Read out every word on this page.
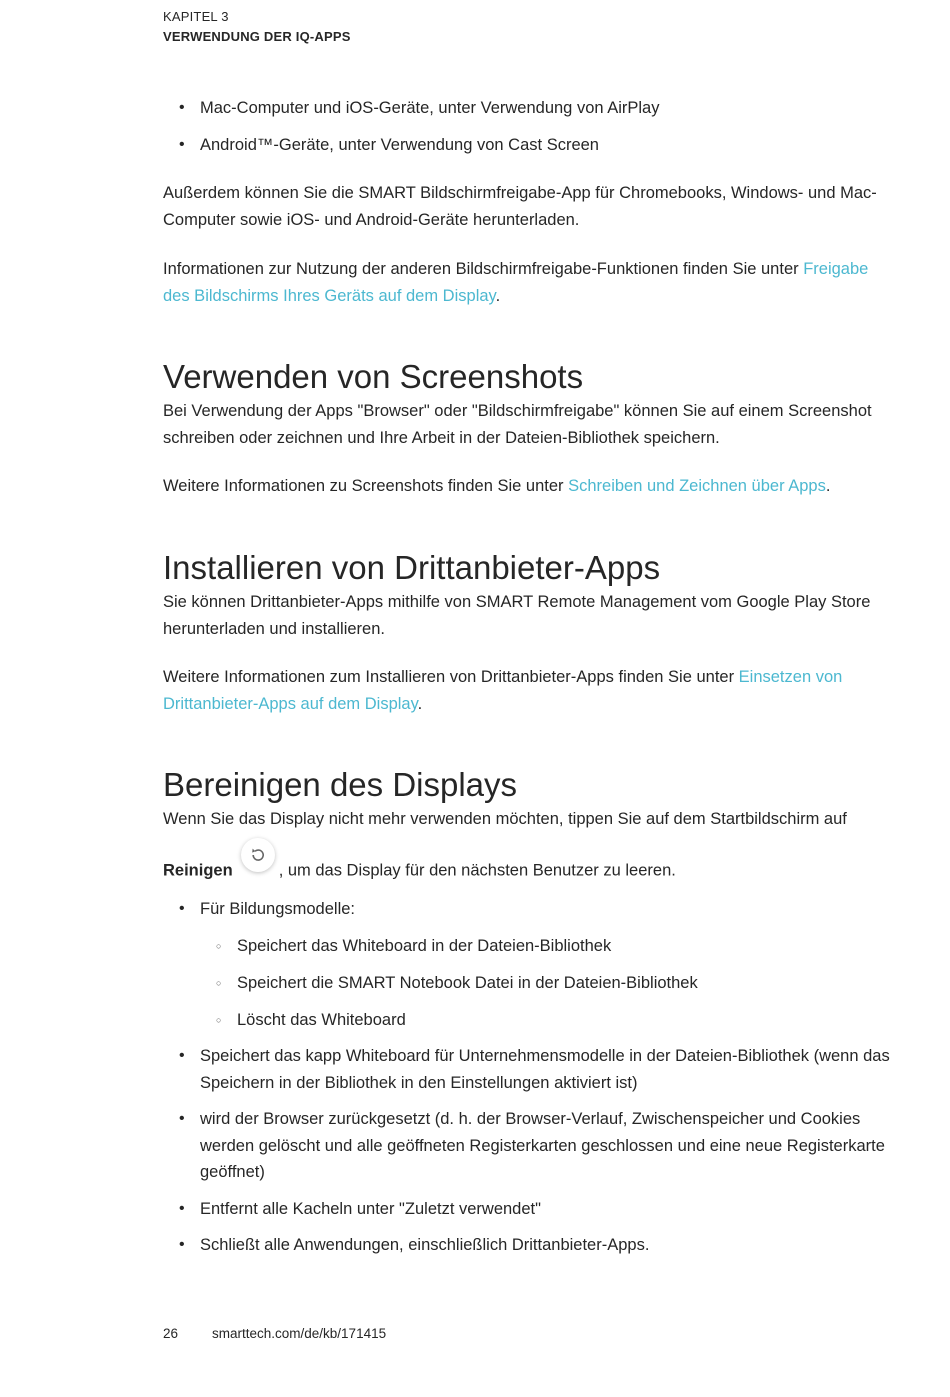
KAPITEL 3
VERWENDUNG DER IQ-APPS
• Mac-Computer und iOS-Geräte, unter Verwendung von AirPlay
• Android™-Geräte, unter Verwendung von Cast Screen

Außerdem können Sie die SMART Bildschirmfreigabe-App für Chromebooks, Windows- und Mac-Computer sowie iOS- und Android-Geräte herunterladen.

Informationen zur Nutzung der anderen Bildschirmfreigabe-Funktionen finden Sie unter Freigabe des Bildschirms Ihres Geräts auf dem Display.

Verwenden von Screenshots

Bei Verwendung der Apps "Browser" oder "Bildschirmfreigabe" können Sie auf einem Screenshot schreiben oder zeichnen und Ihre Arbeit in der Dateien-Bibliothek speichern.

Weitere Informationen zu Screenshots finden Sie unter Schreiben und Zeichnen über Apps.

Installieren von Drittanbieter-Apps

Sie können Drittanbieter-Apps mithilfe von SMART Remote Management vom Google Play Store herunterladen und installieren.

Weitere Informationen zum Installieren von Drittanbieter-Apps finden Sie unter Einsetzen von Drittanbieter-Apps auf dem Display.

Bereinigen des Displays

Wenn Sie das Display nicht mehr verwenden möchten, tippen Sie auf dem Startbildschirm auf

Reinigen	, um das Display für den nächsten Benutzer zu leeren.

• Für Bildungsmodelle:
○ Speichert das Whiteboard in der Dateien-Bibliothek
○ Speichert die SMART Notebook Datei in der Dateien-Bibliothek
○ Löscht das Whiteboard
• Speichert das kapp Whiteboard für Unternehmensmodelle in der Dateien-Bibliothek (wenn das Speichern in der Bibliothek in den Einstellungen aktiviert ist)
• wird der Browser zurückgesetzt (d. h. der Browser-Verlauf, Zwischenspeicher und Cookies werden gelöscht und alle geöffneten Registerkarten geschlossen und eine neue Registerkarte geöffnet)
• Entfernt alle Kacheln unter "Zuletzt verwendet"
• Schließt alle Anwendungen, einschließlich Drittanbieter-Apps.
26	smarttech.com/de/kb/171415
